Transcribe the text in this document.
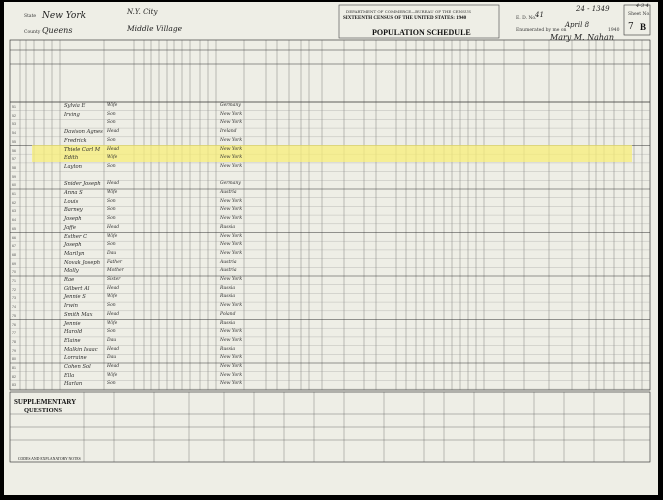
New York
State
County Queens
N.Y. City
Middle Village
DEPARTMENT OF COMMERCE—BUREAU OF THE CENSUS
SIXTEENTH CENSUS OF THE UNITED STATES: 1940
POPULATION SCHEDULE
E. D. No.
41	Sheet No.
7 B
Enumerated by me on
April 8
1940
Mary M. Nahan
24 - 1349	4-3 4
51	Sylvia E	Wife	Germany
52	Irving	Son	New York
53	Son	New York
54	Davison Agnes Head	Ireland
55	Fredrick	Son	New York
56	Thiele Carl M Head	New York
57	Edith	Wife	New York
58	Layton	Son	New York
59
60	Snider Joseph Head	Germany
61	Anna S	Wife	Austria
62	Louis	Son	New York
63	Barney	Son	New York
64	Joseph	Son	New York
65	Jaffe	Head	Russia
66	Esther C	Wife	New York
67	Joseph	Son	New York
68	Marilyn	Dau	New York
69	Novak Joseph Father	Austria
70	Molly	Mother	Austria
71	Rae	Sister	New York
72	Gilbert Al	Head	Russia
73	Jennie S	Wife	Russia
74	Irwin	Son	New York
75	Smith Max	Head	Poland
76	Jennie	Wife	Russia
77	Harold	Son	New York
78	Elaine	Dau	New York
79	Malkin Isaac Head	Russia
80	Lorraine	Dau	New York
81	Cohen Sol	Head	New York
82	Ella	Wife	New York
83	Harlan	Son	New York
SUPPLEMENTARY
QUESTIONS
CODES AND EXPLANATORY NOTES
